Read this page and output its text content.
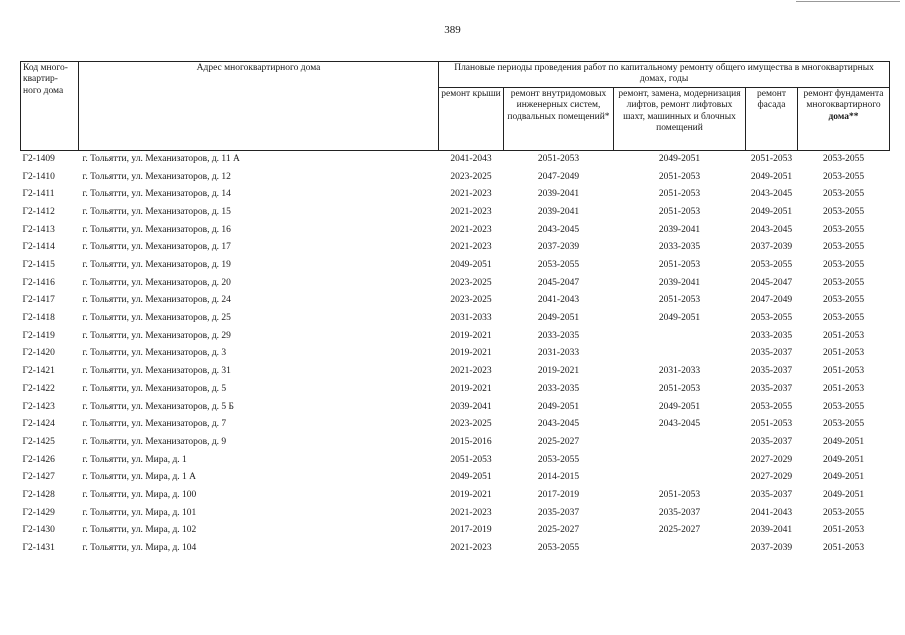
389
Код много-квартир-ного дома	Адрес многоквартирного дома	Плановые периоды проведения работ по капитальному ремонту общего имущества в многоквартирных домах, годы				
		ремонт крыши	ремонт внутридомовых инженерных систем, подвальных помещений*	ремонт, замена, модернизация лифтов, ремонт лифтовых шахт, машинных и блочных помещений	ремонт фасада	ремонт фундамента многоквартирного
дома**
Г2-1409	г. Тольятти, ул. Механизаторов, д. 11 А	2041-2043	2051-2053	2049-2051	2051-2053	2053-2055
Г2-1410	г. Тольятти, ул. Механизаторов, д. 12	2023-2025	2047-2049	2051-2053	2049-2051	2053-2055
Г2-1411	г. Тольятти, ул. Механизаторов, д. 14	2021-2023	2039-2041	2051-2053	2043-2045	2053-2055
Г2-1412	г. Тольятти, ул. Механизаторов, д. 15	2021-2023	2039-2041	2051-2053	2049-2051	2053-2055
Г2-1413	г. Тольятти, ул. Механизаторов, д. 16	2021-2023	2043-2045	2039-2041	2043-2045	2053-2055
Г2-1414	г. Тольятти, ул. Механизаторов, д. 17	2021-2023	2037-2039	2033-2035	2037-2039	2053-2055
Г2-1415	г. Тольятти, ул. Механизаторов, д. 19	2049-2051	2053-2055	2051-2053	2053-2055	2053-2055
Г2-1416	г. Тольятти, ул. Механизаторов, д. 20	2023-2025	2045-2047	2039-2041	2045-2047	2053-2055
Г2-1417	г. Тольятти, ул. Механизаторов, д. 24	2023-2025	2041-2043	2051-2053	2047-2049	2053-2055
Г2-1418	г. Тольятти, ул. Механизаторов, д. 25	2031-2033	2049-2051	2049-2051	2053-2055	2053-2055
Г2-1419	г. Тольятти, ул. Механизаторов, д. 29	2019-2021	2033-2035		2033-2035	2051-2053
Г2-1420	г. Тольятти, ул. Механизаторов, д. 3	2019-2021	2031-2033		2035-2037	2051-2053
Г2-1421	г. Тольятти, ул. Механизаторов, д. 31	2021-2023	2019-2021	2031-2033	2035-2037	2051-2053
Г2-1422	г. Тольятти, ул. Механизаторов, д. 5	2019-2021	2033-2035	2051-2053	2035-2037	2051-2053
Г2-1423	г. Тольятти, ул. Механизаторов, д. 5 Б	2039-2041	2049-2051	2049-2051	2053-2055	2053-2055
Г2-1424	г. Тольятти, ул. Механизаторов, д. 7	2023-2025	2043-2045	2043-2045	2051-2053	2053-2055
Г2-1425	г. Тольятти, ул. Механизаторов, д. 9	2015-2016	2025-2027		2035-2037	2049-2051
Г2-1426	г. Тольятти, ул. Мира, д. 1	2051-2053	2053-2055		2027-2029	2049-2051
Г2-1427	г. Тольятти, ул. Мира, д. 1 А	2049-2051	2014-2015		2027-2029	2049-2051
Г2-1428	г. Тольятти, ул. Мира, д. 100	2019-2021	2017-2019	2051-2053	2035-2037	2049-2051
Г2-1429	г. Тольятти, ул. Мира, д. 101	2021-2023	2035-2037	2035-2037	2041-2043	2053-2055
Г2-1430	г. Тольятти, ул. Мира, д. 102	2017-2019	2025-2027	2025-2027	2039-2041	2051-2053
Г2-1431	г. Тольятти, ул. Мира, д. 104	2021-2023	2053-2055		2037-2039	2051-2053
